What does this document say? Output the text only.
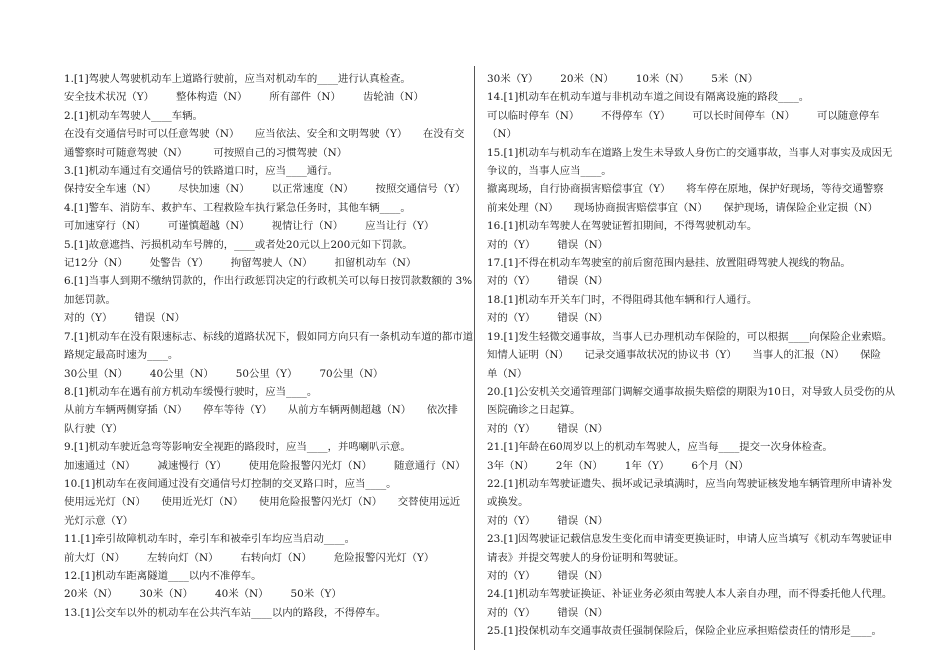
1.[1]驾驶人驾驶机动车上道路行驶前，应当对机动车的____进行认真检查。
安全技术状况（Y） 整体构造（N） 所有部件（N） 齿轮油（N）
2.[1]机动车驾驶人____车辆。
在没有交通信号时可以任意驾驶（N）　　应当依法、安全和文明驾驶（Y）　　在没有交
通警察时可随意驾驶（N）　　　可按照自己的习惯驾驶（N）
3.[1]机动车通过有交通信号的铁路道口时，应当____通行。
保持安全车速（N） 尽快加速（N） 以正常速度（N） 按照交通信号（Y）
4.[1]警车、消防车、救护车、工程救险车执行紧急任务时，其他车辆____。
可加速穿行（N） 可谨慎超越（N） 视情让行（N） 应当让行（Y）
5.[1]故意遮挡、污损机动车号牌的，____或者处20元以上200元如下罚款。
记12分（N） 处警告（Y） 拘留驾驶人（N） 扣留机动车（N）
6.[1]当事人到期不缴纳罚款的，作出行政惩罚决定的行政机关可以每日按罚款数额的 3%加惩罚款。
对的（Y） 错误（N）
7.[1]机动车在没有限速标志、标线的道路状况下，假如同方向只有一条机动车道的都市道路规定最高时速为____。
30公里（N） 40公里（N） 50公里（Y） 70公里（N）
8.[1]机动车在遇有前方机动车缓慢行驶时，应当____。
从前方车辆两侧穿插（N）　　停车等待（Y）　　从前方车辆两侧超越（N）　　依次排
队行驶（Y）
9.[1]机动车驶近急弯等影响安全视距的路段时，应当____，并鸣喇叭示意。
加速通过（N） 减速慢行（Y） 使用危险报警闪光灯（N） 随意通行（N）
10.[1]机动车在夜间通过没有交通信号灯控制的交叉路口时，应当____。
使用远光灯（N）　　使用近光灯（N）　　使用危险报警闪光灯（N）　　交替使用远近
光灯示意（Y）
11.[1]牵引故障机动车时，牵引车和被牵引车均应当启动____。
前大灯（N） 左转向灯（N） 右转向灯（N） 危险报警闪光灯（Y）
12.[1]机动车距离隧道____以内不准停车。
20米（N） 30米（N） 40米（N） 50米（Y）
13.[1]公交车以外的机动车在公共汽车站____以内的路段，不得停车。
30米（Y） 20米（N） 10米（N） 5米（N）
14.[1]机动车在机动车道与非机动车道之间设有隔离设施的路段____。
可以临时停车（N） 不得停车（Y） 可以长时间停车（N） 可以随意停车（N）
15.[1]机动车与机动车在道路上发生未导致人身伤亡的交通事故，当事人对事实及成因无争议的，当事人应当____。
撤离现场，自行协商损害赔偿事宜（Y）　　将车停在原地，保护好现场，等待交通警察
前来处理（N）　　现场协商损害赔偿事宜（N）　　保护现场，请保险企业定损（N）
16.[1]机动车驾驶人在驾驶证暂扣期间，不得驾驶机动车。
对的（Y） 错误（N）
17.[1]不得在机动车驾驶室的前后窗范围内悬挂、放置阻碍驾驶人视线的物品。
对的（Y） 错误（N）
18.[1]机动车开关车门时，不得阻碍其他车辆和行人通行。
对的（Y） 错误（N）
19.[1]发生轻微交通事故，当事人已办理机动车保险的，可以根据____向保险企业索赔。
知情人证明（N）　　记录交通事故状况的协议书（Y）　　当事人的汇报（N）　　保险
单（N）
20.[1]公安机关交通管理部门调解交通事故损失赔偿的期限为10日，对导致人员受伤的从医院确诊之日起算。
对的（Y） 错误（N）
21.[1]年龄在60周岁以上的机动车驾驶人，应当每____提交一次身体检查。
3年（N） 2年（N） 1年（Y） 6个月（N）
22.[1]机动车驾驶证遗失、损坏或记录填满时，应当向驾驶证核发地车辆管理所申请补发或换发。
对的（Y） 错误（N）
23.[1]因驾驶证记载信息发生变化而申请变更换证时，申请人应当填写《机动车驾驶证申请表》并提交驾驶人的身份证明和驾驶证。
对的（Y） 错误（N）
24.[1]机动车驾驶证换证、补证业务必须由驾驶人本人亲自办理，而不得委托他人代理。
对的（Y） 错误（N）
25.[1]投保机动车交通事故责任强制保险后，保险企业应承担赔偿责任的情形是____。
